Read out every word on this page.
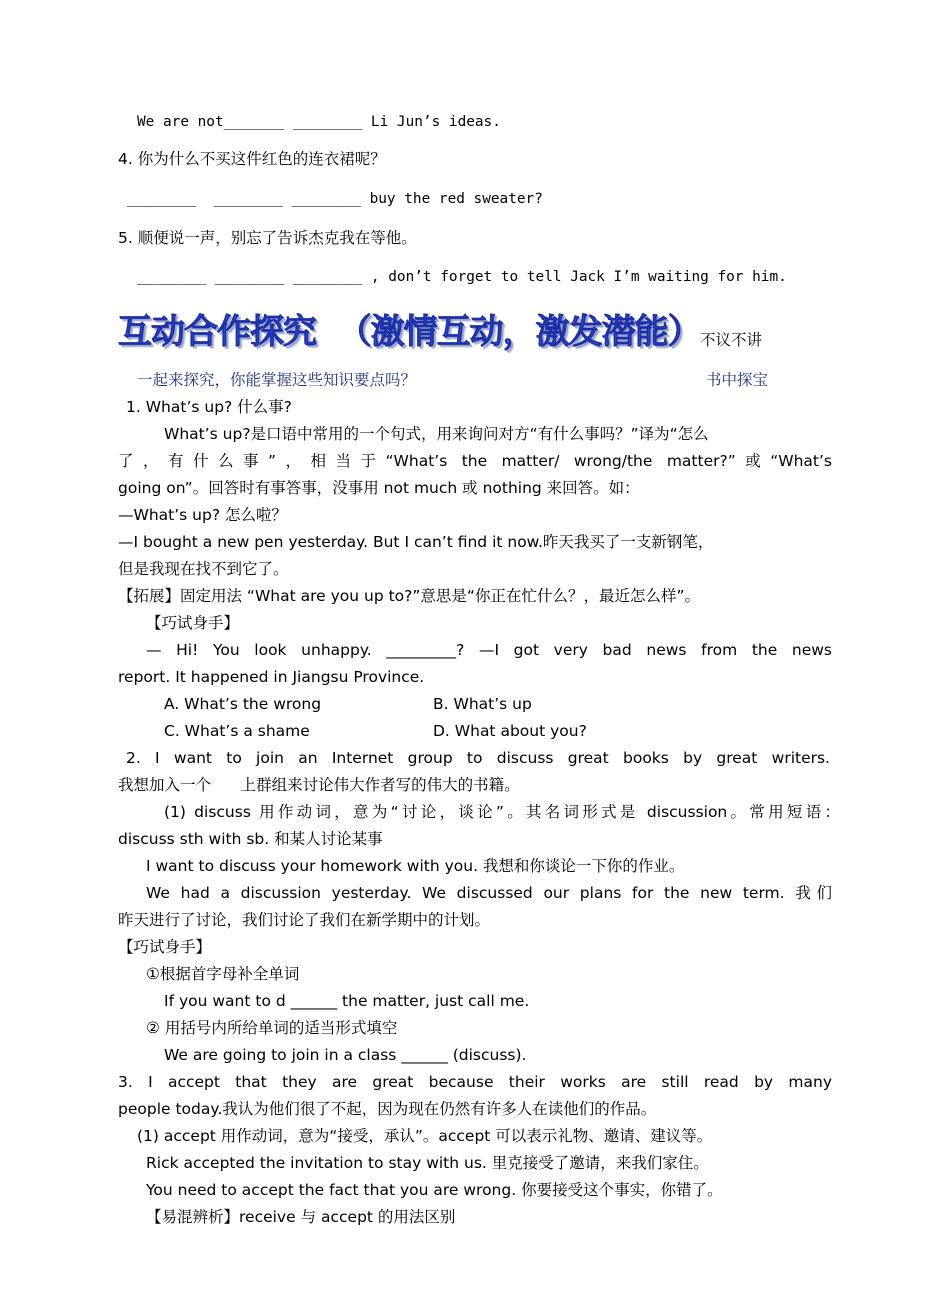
We are not_______ ________ Li Jun’s ideas.
4. 你为什么不买这件红色的连衣裙呢？
________  ________ ________ buy the red sweater?
5. 顺便说一声，别忘了告诉杰克我在等他。
________ ________ ________ , don’t forget to tell Jack I’m waiting for him.
互动合作探究  （激情互动，激发潜能） 不议不讲
一起来探究，你能掌握这些知识要点吗？	书中探宝
1. What’s up? 什么事?
What’s up?是口语中常用的一个句式，用来询问对方“有什么事吗？”译为“怎么
了，有什么事”，相当于“What’s the matter/ wrong/the matter?”或“What’s
going on”。回答时有事答事，没事用 not much 或 nothing 来回答。如：
—What’s up? 怎么啦？
—I bought a new pen yesterday. But I can’t find it now.昨天我买了一支新钢笔，
但是我现在找不到它了。
【拓展】固定用法 “What are you up to?”意思是“你正在忙什么？，最近怎么样”。
【巧试身手】
— Hi! You look unhappy. _________? —I got very bad news from the news
report. It happened in Jiangsu Province.
A. What’s the wrong	B. What’s up
C. What’s a shame	D. What about you?
2. I want to join an Internet group to discuss great books by great writers.
我想加入一个      上群组来讨论伟大作者写的伟大的书籍。
(1) discuss 用作动词，意为“讨论，谈论”。其名词形式是 discussion。常用短语：
discuss sth with sb. 和某人讨论某事
I want to discuss your homework with you. 我想和你谈论一下你的作业。
We had a discussion yesterday. We discussed our plans for the new term. 我们
昨天进行了讨论，我们讨论了我们在新学期中的计划。
【巧试身手】
①根据首字母补全单词
If you want to d ______ the matter, just call me.
② 用括号内所给单词的适当形式填空
We are going to join in a class ______ (discuss).
3. I accept that they are great because their works are still read by many
people today.我认为他们很了不起，因为现在仍然有许多人在读他们的作品。
(1) accept 用作动词，意为“接受，承认”。accept 可以表示礼物、邀请、建议等。
Rick accepted the invitation to stay with us. 里克接受了邀请，来我们家住。
You need to accept the fact that you are wrong. 你要接受这个事实，你错了。
【易混辨析】receive 与 accept 的用法区别
